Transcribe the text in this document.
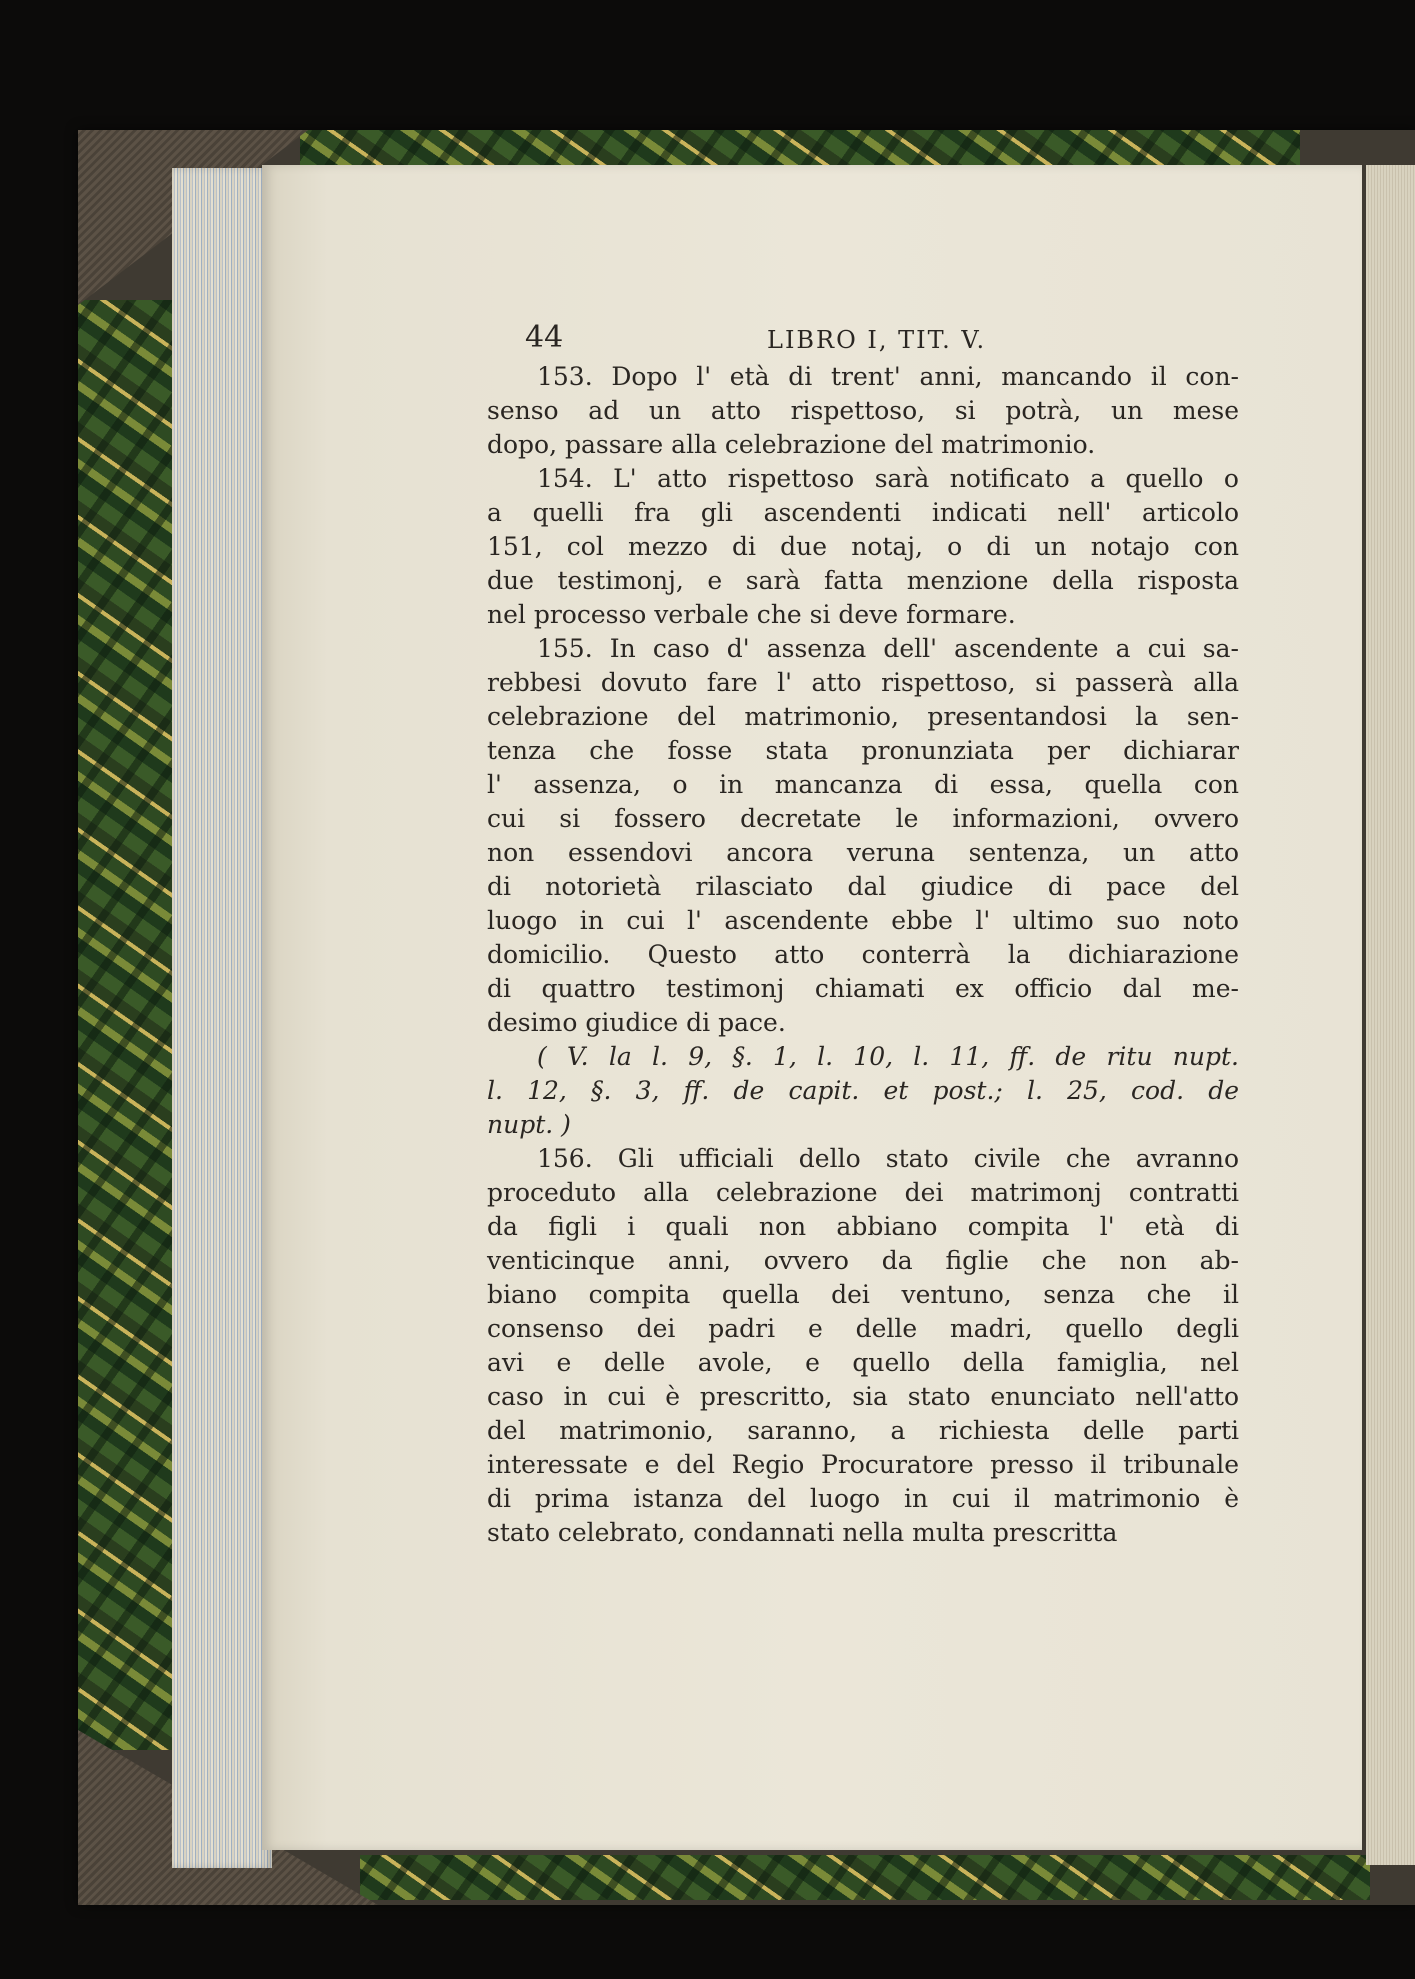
44	LIBRO I, TIT. V.
153. Dopo l' età di trent' anni, mancando il con-
senso ad un atto rispettoso, si potrà, un mese
dopo, passare alla celebrazione del matrimonio.
154. L' atto rispettoso sarà notificato a quello o
a quelli fra gli ascendenti indicati nell' articolo
151, col mezzo di due notaj, o di un notajo con
due testimonj, e sarà fatta menzione della risposta
nel processo verbale che si deve formare.
155. In caso d' assenza dell' ascendente a cui sa-
rebbesi dovuto fare l' atto rispettoso, si passerà alla
celebrazione del matrimonio, presentandosi la sen-
tenza che fosse stata pronunziata per dichiarar
l' assenza, o in mancanza di essa, quella con
cui si fossero decretate le informazioni, ovvero
non essendovi ancora veruna sentenza, un atto
di notorietà rilasciato dal giudice di pace del
luogo in cui l' ascendente ebbe l' ultimo suo noto
domicilio. Questo atto conterrà la dichiarazione
di quattro testimonj chiamati ex officio dal me-
desimo giudice di pace.
( V. la l. 9, §. 1, l. 10, l. 11, ff. de ritu nupt.
l. 12, §. 3, ff. de capit. et post.; l. 25, cod. de
nupt. )
156. Gli ufficiali dello stato civile che avranno
proceduto alla celebrazione dei matrimonj contratti
da figli i quali non abbiano compita l' età di
venticinque anni, ovvero da figlie che non ab-
biano compita quella dei ventuno, senza che il
consenso dei padri e delle madri, quello degli
avi e delle avole, e quello della famiglia, nel
caso in cui è prescritto, sia stato enunciato nell'atto
del matrimonio, saranno, a richiesta delle parti
interessate e del Regio Procuratore presso il tribunale
di prima istanza del luogo in cui il matrimonio è
stato celebrato, condannati nella multa prescritta
